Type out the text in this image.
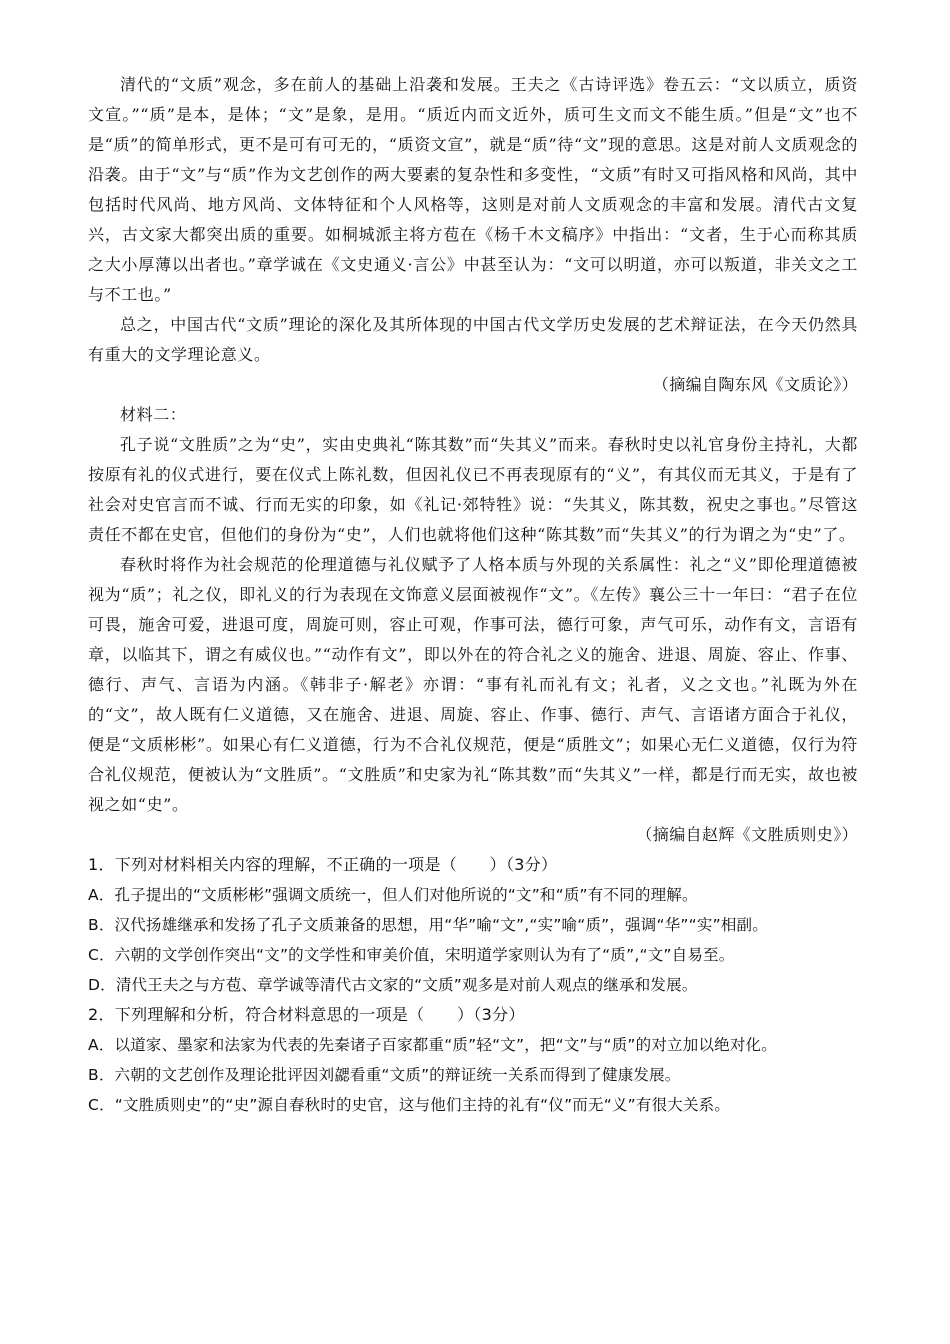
清代的“文质”观念，多在前人的基础上沿袭和发展。王夫之《古诗评选》卷五云：“文以质立，质资文宣。”“质”是本，是体；“文”是象，是用。“质近内而文近外，质可生文而文不能生质。”但是“文”也不是“质”的简单形式，更不是可有可无的，“质资文宣”，就是“质”待“文”现的意思。这是对前人文质观念的沿袭。由于“文”与“质”作为文艺创作的两大要素的复杂性和多变性，“文质”有时又可指风格和风尚，其中包括时代风尚、地方风尚、文体特征和个人风格等，这则是对前人文质观念的丰富和发展。清代古文复兴，古文家大都突出质的重要。如桐城派主将方苞在《杨千木文稿序》中指出：“文者，生于心而称其质之大小厚薄以出者也。”章学诚在《文史通义·言公》中甚至认为：“文可以明道，亦可以叛道，非关文之工与不工也。”

总之，中国古代“文质”理论的深化及其所体现的中国古代文学历史发展的艺术辩证法，在今天仍然具有重大的文学理论意义。

（摘编自陶东风《文质论》）

材料二：

孔子说“文胜质”之为“史”，实由史典礼“陈其数”而“失其义”而来。春秋时史以礼官身份主持礼，大都按原有礼的仪式进行，要在仪式上陈礼数，但因礼仪已不再表现原有的“义”，有其仪而无其义，于是有了社会对史官言而不诚、行而无实的印象，如《礼记·郊特牲》说：“失其义，陈其数，祝史之事也。”尽管这责任不都在史官，但他们的身份为“史”，人们也就将他们这种“陈其数”而“失其义”的行为谓之为“史”了。

春秋时将作为社会规范的伦理道德与礼仪赋予了人格本质与外现的关系属性：礼之“义”即伦理道德被视为“质”；礼之仪，即礼义的行为表现在文饰意义层面被视作“文”。《左传》襄公三十一年曰：“君子在位可畏，施舍可爱，进退可度，周旋可则，容止可观，作事可法，德行可象，声气可乐，动作有文，言语有章，以临其下，谓之有威仪也。”“动作有文”，即以外在的符合礼之义的施舍、进退、周旋、容止、作事、德行、声气、言语为内涵。《韩非子·解老》亦谓：“事有礼而礼有文；礼者，义之文也。”礼既为外在的“文”，故人既有仁义道德，又在施舍、进退、周旋、容止、作事、德行、声气、言语诸方面合于礼仪，便是“文质彬彬”。如果心有仁义道德，行为不合礼仪规范，便是“质胜文”；如果心无仁义道德，仅行为符合礼仪规范，便被认为“文胜质”。“文胜质”和史家为礼“陈其数”而“失其义”一样，都是行而无实，故也被视之如“史”。

（摘编自赵辉《文胜质则史》）

1．下列对材料相关内容的理解，不正确的一项是（　　）（3分）

A．孔子提出的“文质彬彬”强调文质统一，但人们对他所说的“文”和“质”有不同的理解。

B．汉代扬雄继承和发扬了孔子文质兼备的思想，用“华”喻“文”,“实”喻“质”，强调“华”“实”相副。

C．六朝的文学创作突出“文”的文学性和审美价值，宋明道学家则认为有了“质”,“文”自易至。

D．清代王夫之与方苞、章学诚等清代古文家的“文质”观多是对前人观点的继承和发展。

2．下列理解和分析，符合材料意思的一项是（　　）（3分）

A．以道家、墨家和法家为代表的先秦诸子百家都重“质”轻“文”，把“文”与“质”的对立加以绝对化。

B．六朝的文艺创作及理论批评因刘勰看重“文质”的辩证统一关系而得到了健康发展。

C．“文胜质则史”的“史”源自春秋时的史官，这与他们主持的礼有“仪”而无“义”有很大关系。
